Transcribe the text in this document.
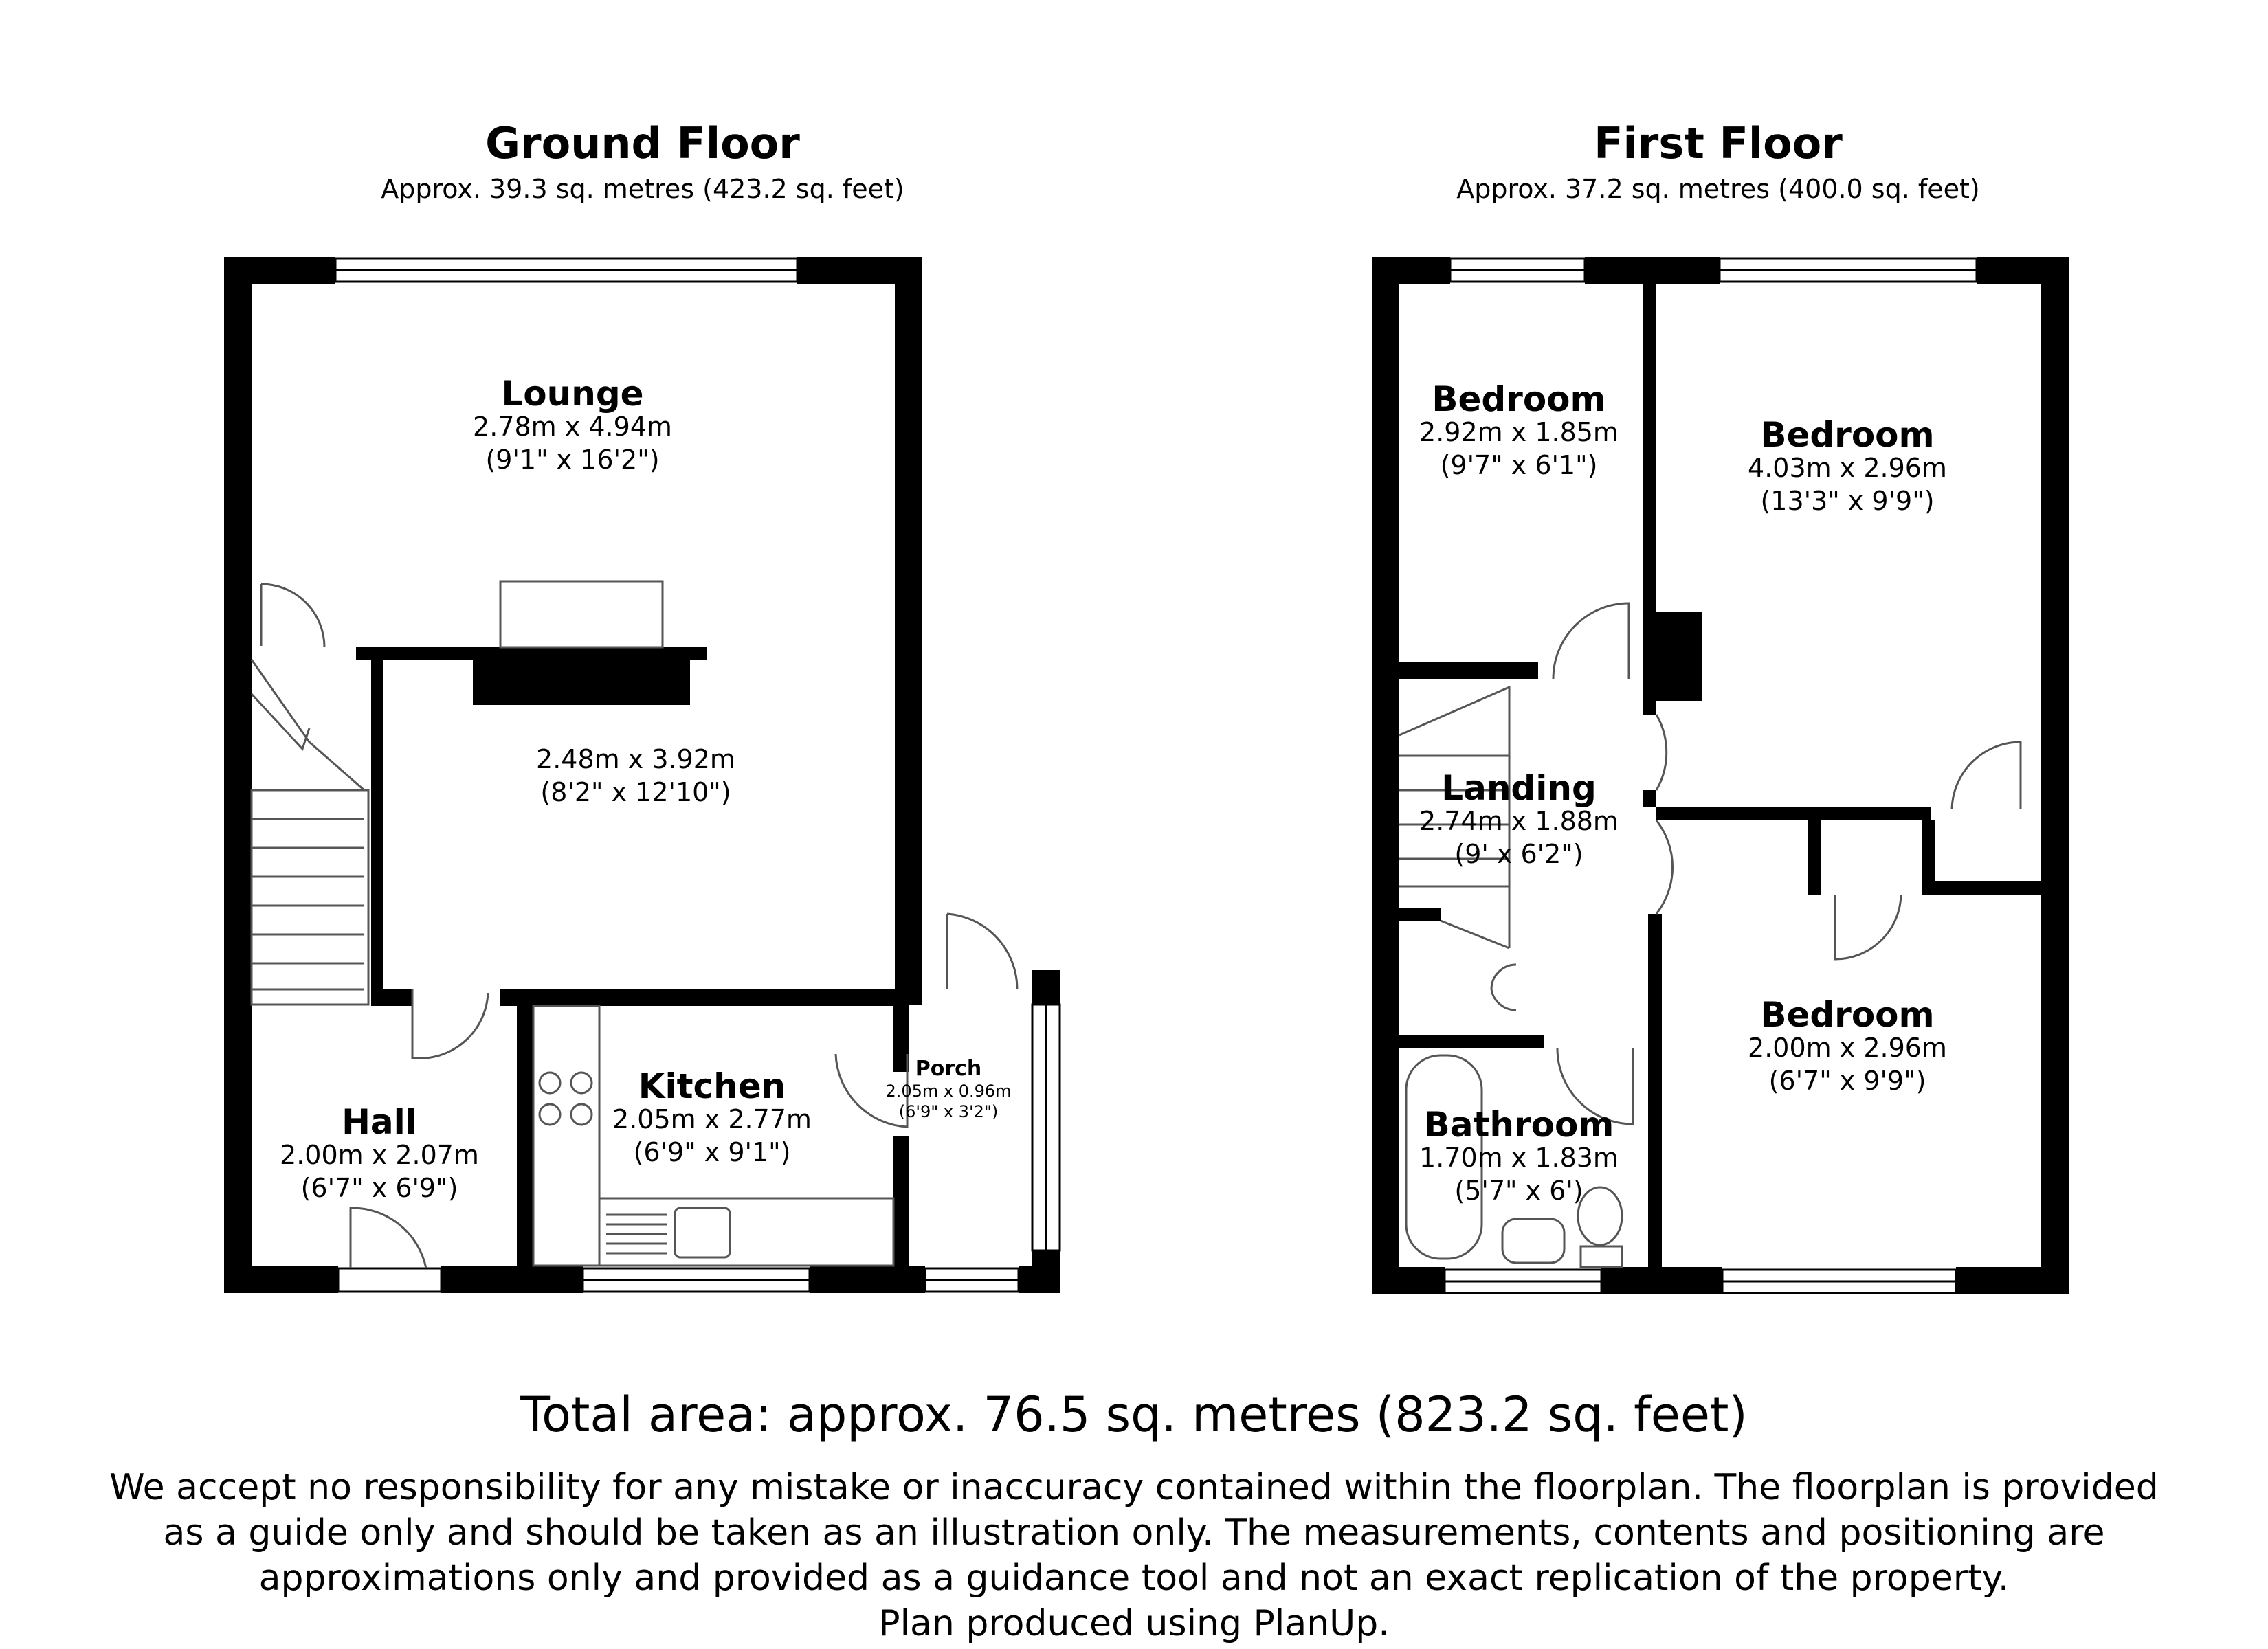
Ground Floor
Approx. 39.3 sq. metres (423.2 sq. feet)
First Floor
Approx. 37.2 sq. metres (400.0 sq. feet)
Lounge
2.78m x 4.94m
(9'1" x 16'2")
2.48m x 3.92m
(8'2" x 12'10")
Hall
2.00m x 2.07m
(6'7" x 6'9")
Kitchen
2.05m x 2.77m
(6'9" x 9'1")
Porch
2.05m x 0.96m
(6'9" x 3'2")
Bedroom
2.92m x 1.85m
(9'7" x 6'1")
Bedroom
4.03m x 2.96m
(13'3" x 9'9")
Landing
2.74m x 1.88m
(9' x 6'2")
Bedroom
2.00m x 2.96m
(6'7" x 9'9")
Bathroom
1.70m x 1.83m
(5'7" x 6')
Total area: approx. 76.5 sq. metres (823.2 sq. feet)
We accept no responsibility for any mistake or inaccuracy contained within the floorplan. The floorplan is provided
as a guide only and should be taken as an illustration only. The measurements, contents and positioning are
approximations only and provided as a guidance tool and not an exact replication of the property.
Plan produced using PlanUp.
